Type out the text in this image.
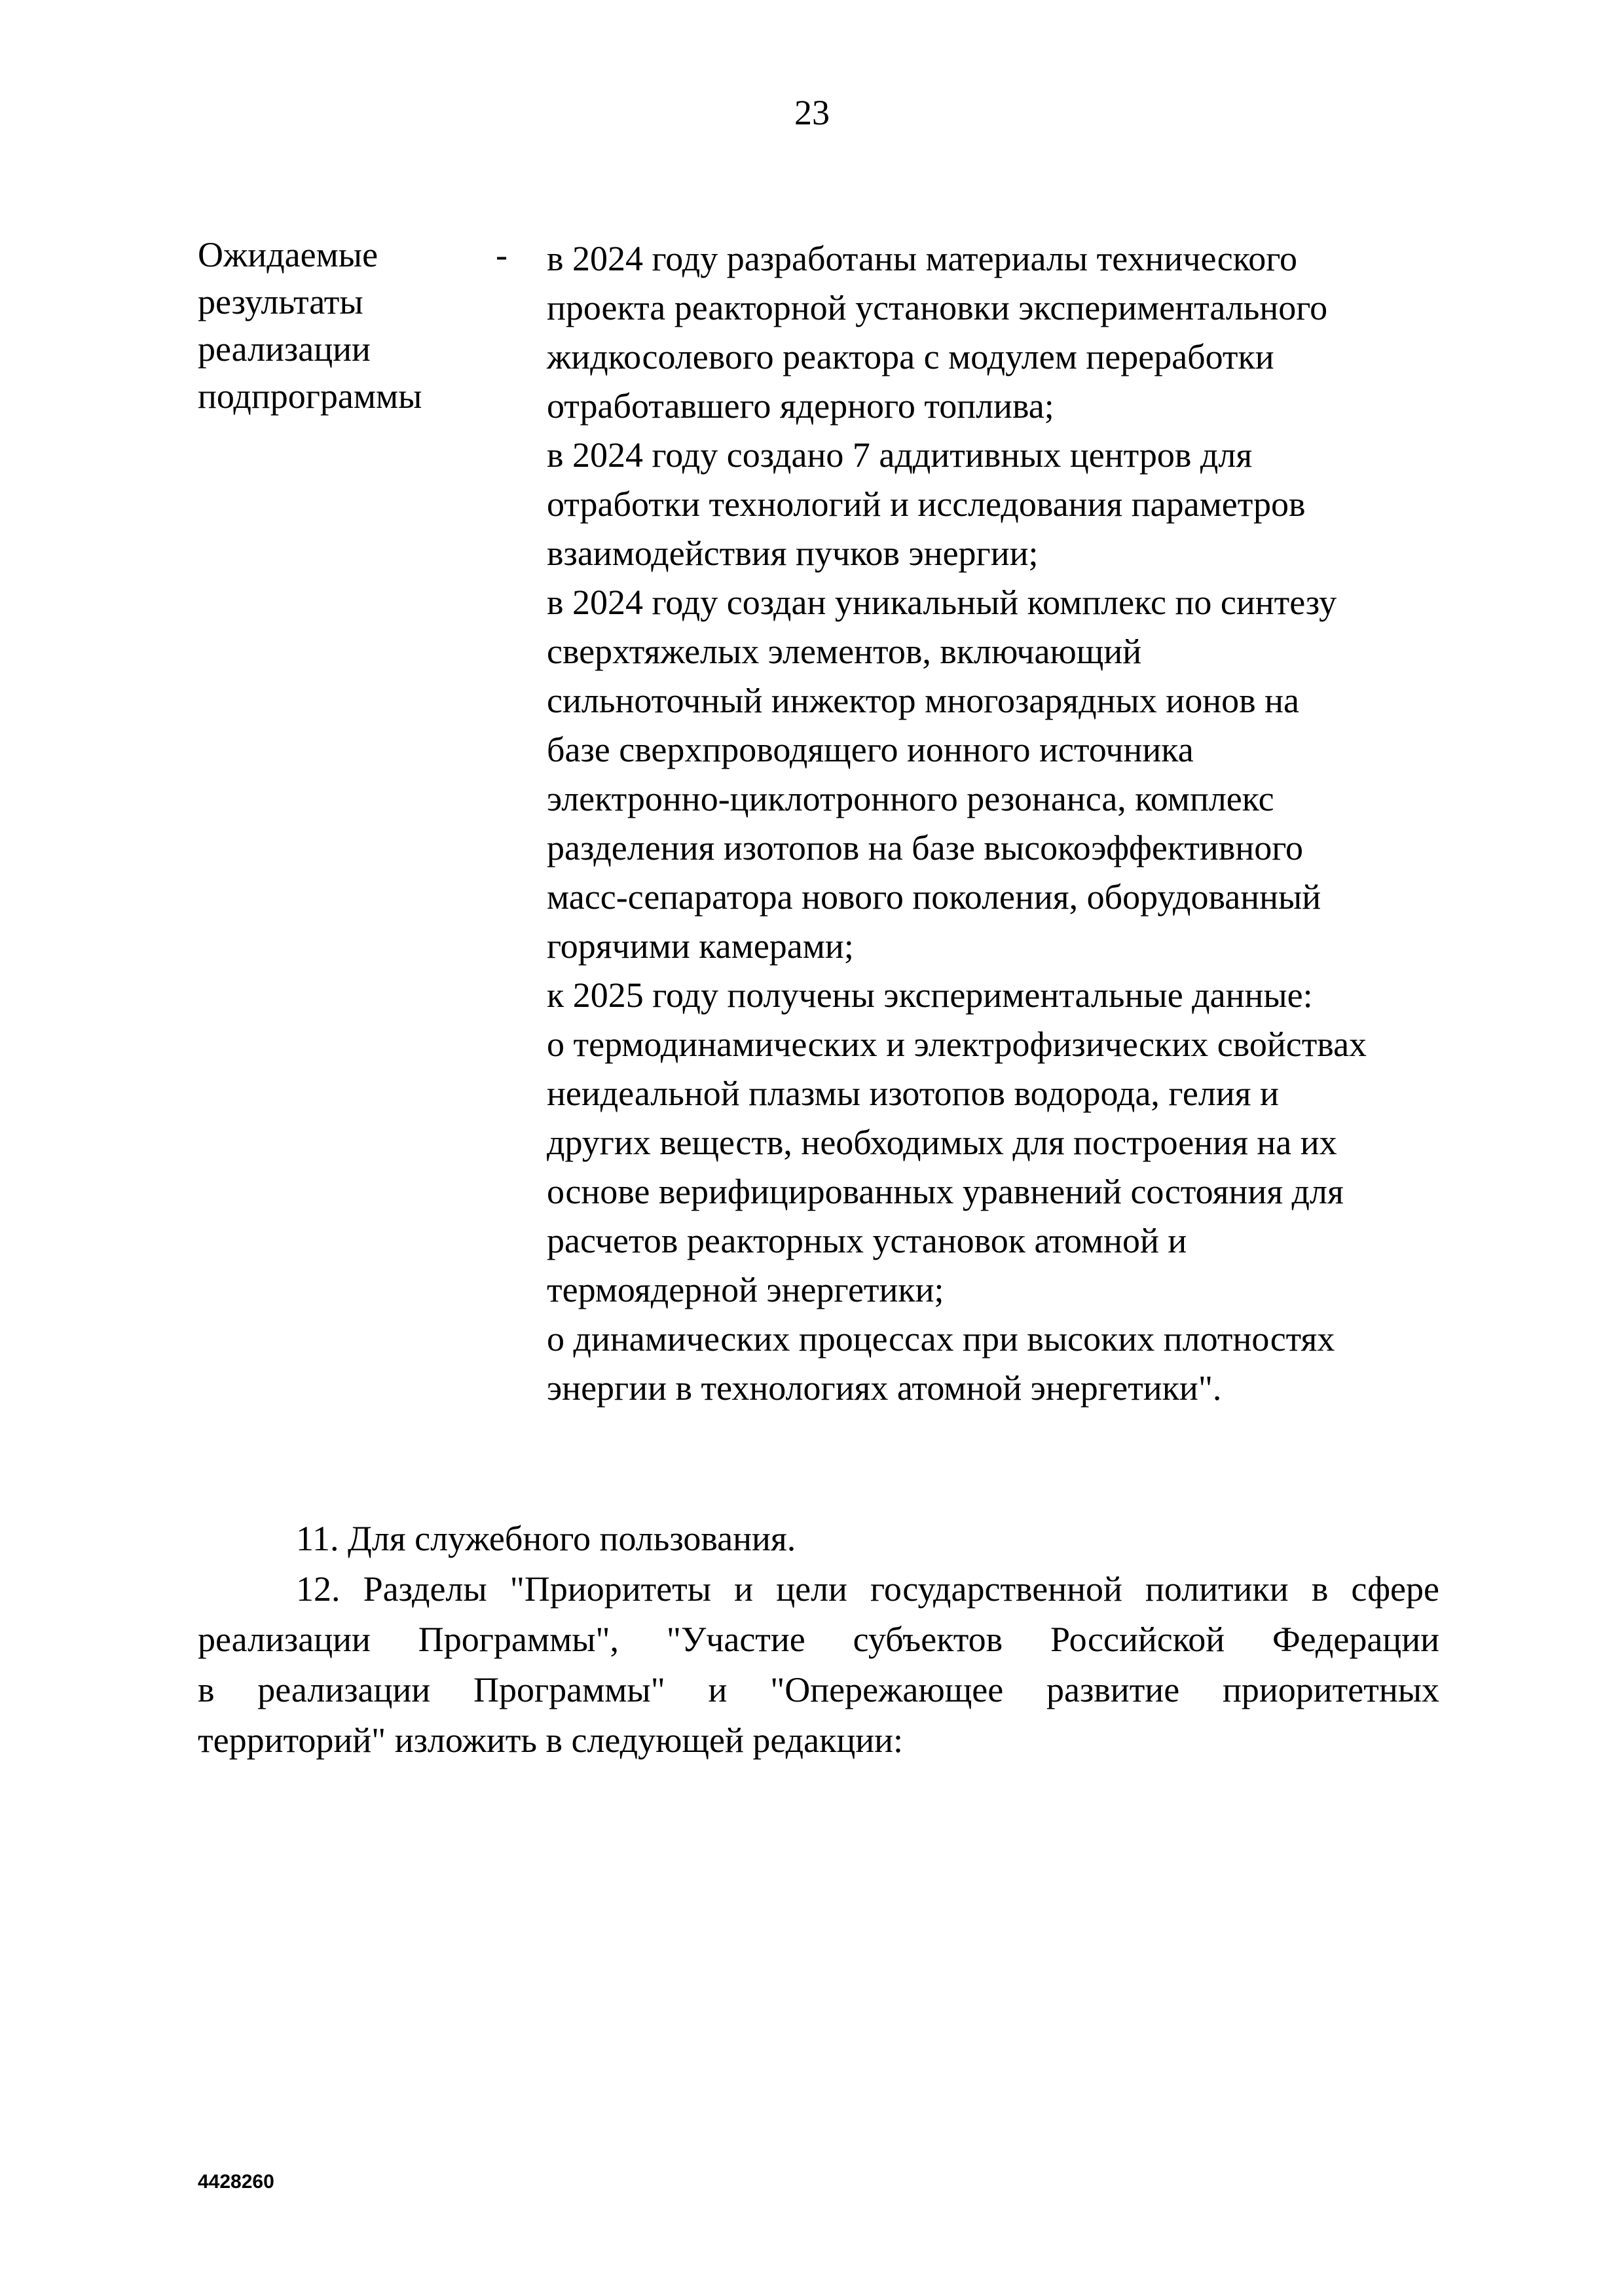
23
Ожидаемые
результаты
реализации
подпрограммы
- в 2024 году разработаны материалы технического
проекта реакторной установки экспериментального
жидкосолевого реактора с модулем переработки
отработавшего ядерного топлива;
в 2024 году создано 7 аддитивных центров для
отработки технологий и исследования параметров
взаимодействия пучков энергии;
в 2024 году создан уникальный комплекс по синтезу
сверхтяжелых элементов, включающий
сильноточный инжектор многозарядных ионов на
базе сверхпроводящего ионного источника
электронно-циклотронного резонанса, комплекс
разделения изотопов на базе высокоэффективного
масс-сепаратора нового поколения, оборудованный
горячими камерами;
к 2025 году получены экспериментальные данные:
о термодинамических и электрофизических свойствах
неидеальной плазмы изотопов водорода, гелия и
других веществ, необходимых для построения на их
основе верифицированных уравнений состояния для
расчетов реакторных установок атомной и
термоядерной энергетики;
о динамических процессах при высоких плотностях
энергии в технологиях атомной энергетики".
11. Для служебного пользования.
12. Разделы "Приоритеты и цели государственной политики в сфере
реализации Программы", "Участие субъектов Российской Федерации
в реализации Программы" и "Опережающее развитие приоритетных
территорий" изложить в следующей редакции:
4428260
